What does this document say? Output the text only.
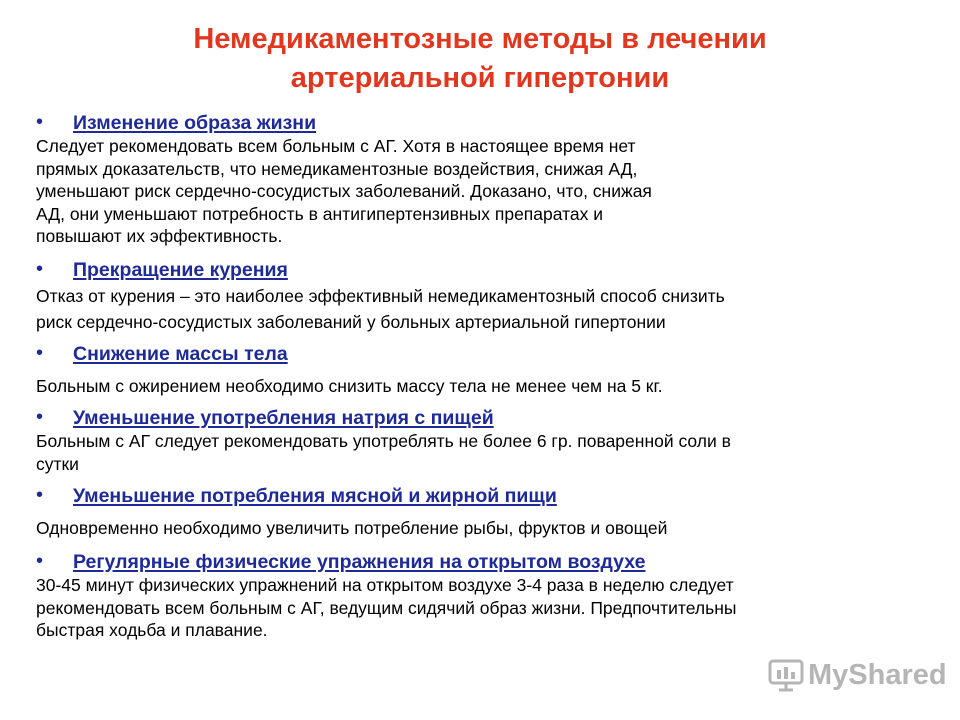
Немедикаментозные методы в лечении
артериальной гипертонии
• Изменение образа жизни

Следует рекомендовать всем больным с АГ. Хотя в настоящее время нет
прямых доказательств, что немедикаментозные воздействия, снижая АД,
уменьшают риск сердечно-сосудистых заболеваний. Доказано, что, снижая
АД, они уменьшают потребность в антигипертензивных препаратах и
повышают их эффективность.

• Прекращение курения

Отказ от курения – это наиболее эффективный немедикаментозный способ снизить
риск сердечно-сосудистых заболеваний у больных артериальной гипертонии

• Снижение массы тела

Больным с ожирением необходимо снизить массу тела не менее чем на 5 кг.

• Уменьшение употребления натрия с пищей

Больным с АГ следует рекомендовать употреблять не более 6 гр. поваренной соли в
сутки

• Уменьшение потребления мясной и жирной пищи

Одновременно необходимо увеличить потребление рыбы, фруктов и овощей

• Регулярные физические упражнения на открытом воздухе

30-45 минут физических упражнений на открытом воздухе 3-4 раза в неделю следует
рекомендовать всем больным с АГ, ведущим сидячий образ жизни. Предпочтительны
быстрая ходьба и плавание.

MyShared
